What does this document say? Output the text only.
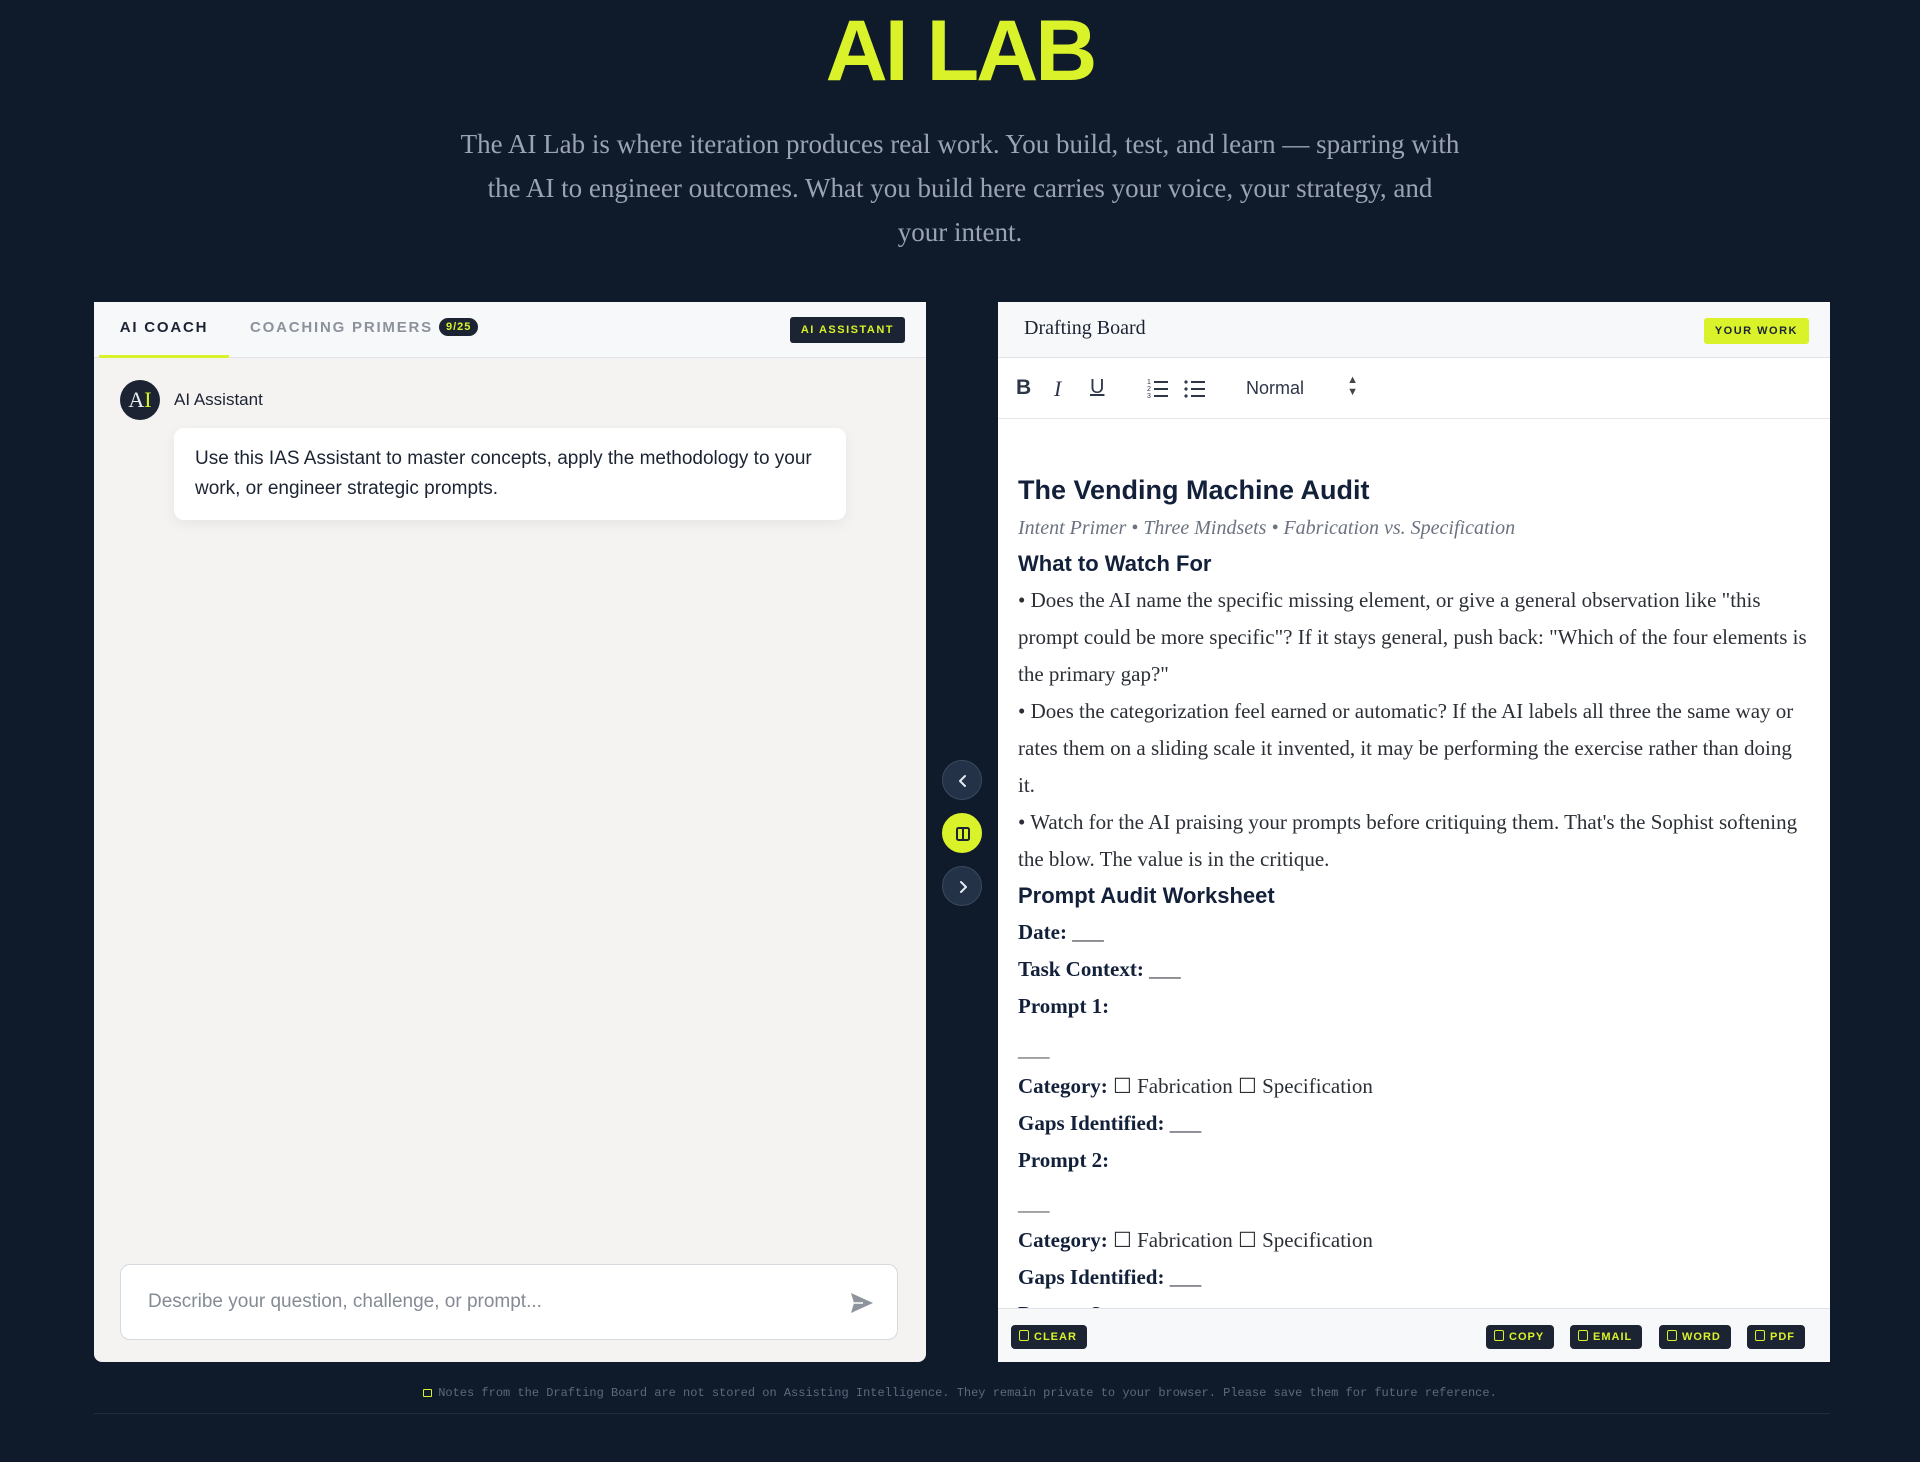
AI LAB

The AI Lab is where iteration produces real work. You build, test, and learn — sparring with the AI to engineer outcomes. What you build here carries your voice, your strategy, and your intent.

AI COACH	COACHING PRIMERS 9/25	AI ASSISTANT
AI	AI Assistant
Use this IAS Assistant to master concepts, apply the methodology to your work, or engineer strategic prompts.
Describe your question, challenge, or prompt...
Drafting Board	YOUR WORK
B	I	U	1
2
3	Normal	▲
▼
The Vending Machine Audit
Intent Primer • Three Mindsets • Fabrication vs. Specification
What to Watch For

• Does the AI name the specific missing element, or give a general observation like "this prompt could be more specific"? If it stays general, push back: "Which of the four elements is the primary gap?"

• Does the categorization feel earned or automatic? If the AI labels all three the same way or rates them on a sliding scale it invented, it may be performing the exercise rather than doing it.

• Watch for the AI praising your prompts before critiquing them. That's the Sophist softening the blow. The value is in the critique.

Prompt Audit Worksheet
Date: ___
Task Context: ___
Prompt 1:
___
Category: ☐ Fabrication ☐ Specification
Gaps Identified: ___
Prompt 2:
___
Category: ☐ Fabrication ☐ Specification
Gaps Identified: ___
CLEAR	COPY	EMAIL	WORD	PDF
Notes from the Drafting Board are not stored on Assisting Intelligence. They remain private to your browser. Please save them for future reference.
